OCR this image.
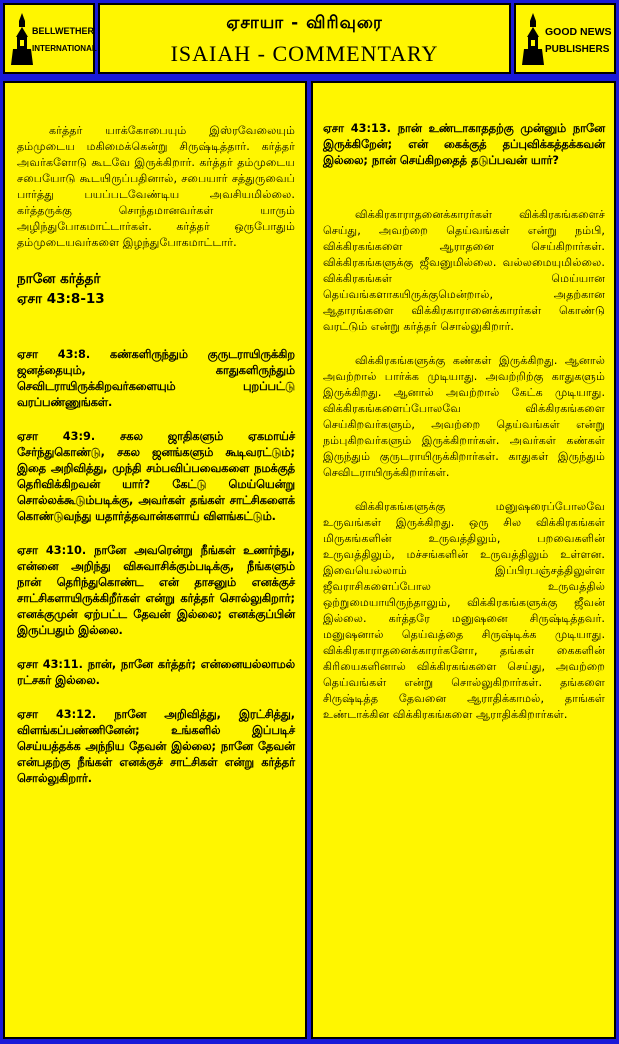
BELLWETHER
INTERNATIONAL
ஏசாயா - விரிவுரை
ISAIAH - COMMENTARY
GOOD NEWS
PUBLISHERS

கர்த்தர் யாக்கோபையும் இஸ்ரவேலையும் தம்முடைய மகிமைக்கென்று சிருஷ்டித்தார். கர்த்தர் அவர்களோடு கூடவே இருக்கிறார். கர்த்தர் தம்முடைய சபையோடு கூடயிருப்பதினால், சபையார் சத்துருவைப் பார்த்து பயப்படவேண்டிய அவசியமில்லை. கர்த்தருக்கு சொந்தமானவர்கள் யாரும் அழிந்துபோகமாட்டார்கள். கர்த்தர் ஒருபோதும் தம்முடையவர்களை இழந்துபோகமாட்டார்.

நானே கர்த்தர்
ஏசா 43:8-13

ஏசா 43:8. கண்களிருந்தும் குருடராயிருக்கிற ஜனத்தையும், காதுகளிருந்தும் செவிடராயிருக்கிறவர்களையும் புறப்பட்டு வரப்பண்ணுங்கள்.

ஏசா 43:9. சகல ஜாதிகளும் ஏகமாய்ச் சேர்ந்துகொண்டு, சகல ஜனங்களும் கூடிவரட்டும்; இதை அறிவித்து, முந்தி சம்பவிப்பவைகளை நமக்குத் தெரிவிக்கிறவன் யார்? கேட்டு மெய்யென்று சொல்லக்கூடும்படிக்கு, அவர்கள் தங்கள் சாட்சிகளைக் கொண்டுவந்து யதார்த்தவான்களாய் விளங்கட்டும்.

ஏசா 43:10. நானே அவரென்று நீங்கள் உணர்ந்து, என்னை அறிந்து விசுவாசிக்கும்படிக்கு, நீங்களும் நான் தெரிந்துகொண்ட என் தாசனும் எனக்குச் சாட்சிகளாயிருக்கிறீர்கள் என்று கர்த்தர் சொல்லுகிறார்; எனக்குமுன் ஏற்பட்ட தேவன் இல்லை; எனக்குப்பின் இருப்பதும் இல்லை.

ஏசா 43:11. நான், நானே கர்த்தர்; என்னையல்லாமல் ரட்சகர் இல்லை.

ஏசா 43:12. நானே அறிவித்து, இரட்சித்து, விளங்கப்பண்ணினேன்; உங்களில் இப்படிச் செய்யத்தக்க அந்நிய தேவன் இல்லை; நானே தேவன் என்பதற்கு நீங்கள் எனக்குச் சாட்சிகள் என்று கர்த்தர் சொல்லுகிறார்.

ஏசா 43:13. நான் உண்டாகாததற்கு முன்னும் நானே இருக்கிறேன்; என் கைக்குத் தப்புவிக்கத்தக்கவன் இல்லை; நான் செய்கிறதைத் தடுப்பவன் யார்?

விக்கிரகாராதனைக்காரர்கள் விக்கிரகங்களைச் செய்து, அவற்றை தெய்வங்கள் என்று நம்பி, விக்கிரகங்களை ஆராதனை செய்கிறார்கள். விக்கிரகங்களுக்கு ஜீவனுமில்லை. வல்லமையுமில்லை. விக்கிரகங்கள் மெய்யான தெய்வங்களாகயிருக்குமென்றால், அதற்கான ஆதாரங்களை விக்கிரகாரானைக்காரர்கள் கொண்டு வரட்டும் என்று கர்த்தர் சொல்லுகிறார்.

விக்கிரகங்களுக்கு கண்கள் இருக்கிறது. ஆனால் அவற்றால் பார்க்க முடியாது. அவற்றிற்கு காதுகளும் இருக்கிறது. ஆனால் அவற்றால் கேட்க முடியாது. விக்கிரகங்களைப்போலவே விக்கிரகங்களை செய்கிறவர்களும், அவற்றை தெய்வங்கள் என்று நம்புகிறவர்களும் இருக்கிறார்கள். அவர்கள் கண்கள் இருந்தும் குருடராயிருக்கிறார்கள். காதுகள் இருந்தும் செவிடராயிருக்கிறார்கள்.

விக்கிரகங்களுக்கு மனுஷரைப்போலவே உருவங்கள் இருக்கிறது. ஒரு சில விக்கிரகங்கள் மிருகங்களின் உருவத்திலும், பறவைகளின் உருவத்திலும், மச்சங்களின் உருவத்திலும் உள்ளன. இவையெல்லாம் இப்பிரபஞ்சத்திலுள்ள ஜீவராசிகளைப்போல உருவத்தில் ஒற்றுமையாயிருந்தாலும், விக்கிரகங்களுக்கு ஜீவன் இல்லை. கர்த்தரே மனுஷனை சிருஷ்டித்தவர். மனுஷனால் தெய்வத்தை சிருஷ்டிக்க முடியாது. விக்கிரகாராதனைக்காரர்களோ, தங்கள் கைகளின் கிரியைகளினால் விக்கிரகங்களை செய்து, அவற்றை தெய்வங்கள் என்று சொல்லுகிறார்கள். தங்களை சிருஷ்டித்த தேவனை ஆராதிக்காமல், தாங்கள் உண்டாக்கின விக்கிரகங்களை ஆராதிக்கிறார்கள்.
